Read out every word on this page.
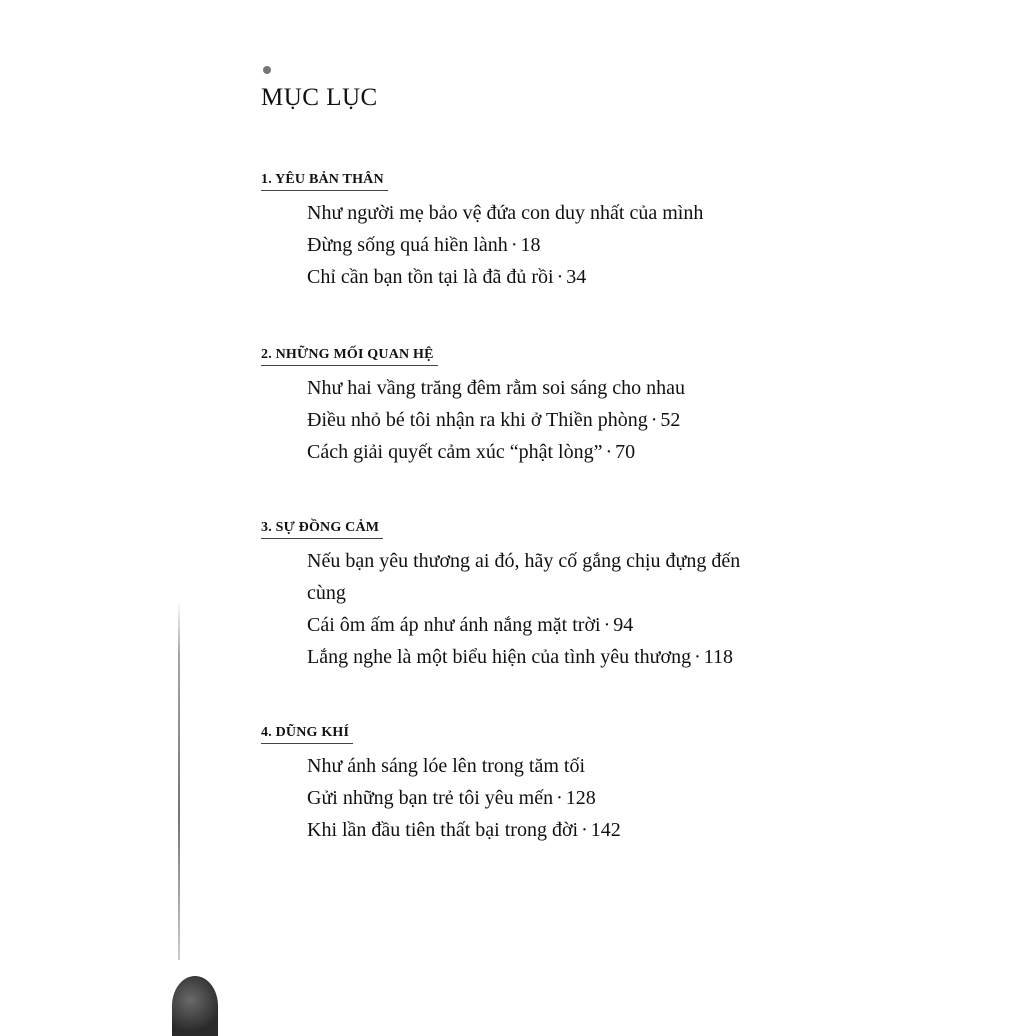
MỤC LỤC
1. YÊU BẢN THÂN
Như người mẹ bảo vệ đứa con duy nhất của mình
Đừng sống quá hiền lành · 18
Chỉ cần bạn tồn tại là đã đủ rồi · 34
2. NHỮNG MỐI QUAN HỆ
Như hai vầng trăng đêm rằm soi sáng cho nhau
Điều nhỏ bé tôi nhận ra khi ở Thiền phòng · 52
Cách giải quyết cảm xúc “phật lòng” · 70
3. SỰ ĐỒNG CẢM
Nếu bạn yêu thương ai đó, hãy cố gắng chịu đựng đến cùng
Cái ôm ấm áp như ánh nắng mặt trời · 94
Lắng nghe là một biểu hiện của tình yêu thương · 118
4. DŨNG KHÍ
Như ánh sáng lóe lên trong tăm tối
Gửi những bạn trẻ tôi yêu mến · 128
Khi lần đầu tiên thất bại trong đời · 142
